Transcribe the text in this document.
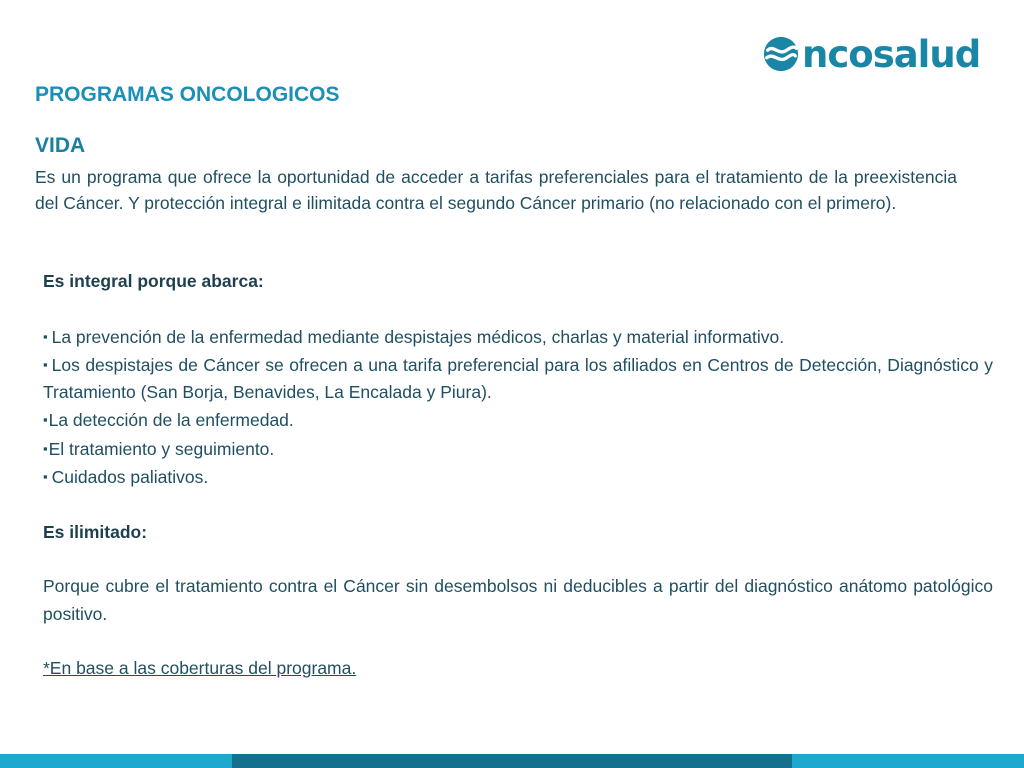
ncosalud
PROGRAMAS ONCOLOGICOS
VIDA
Es un programa que ofrece la oportunidad de acceder a tarifas preferenciales para el tratamiento de la preexistencia del Cáncer. Y protección integral e ilimitada contra el segundo Cáncer primario (no relacionado con el primero).

Es integral porque abarca:

▪ La prevención de la enfermedad mediante despistajes médicos, charlas y material informativo.

▪ Los despistajes de Cáncer se ofrecen a una tarifa preferencial para los afiliados en Centros de Detección, Diagnóstico y Tratamiento (San Borja, Benavides, La Encalada y Piura).

▪La detección de la enfermedad.

▪El tratamiento y seguimiento.

▪ Cuidados paliativos.

Es ilimitado:

Porque cubre el tratamiento contra el Cáncer sin desembolsos ni deducibles a partir del diagnóstico anátomo patológico positivo.

*En base a las coberturas del programa.
